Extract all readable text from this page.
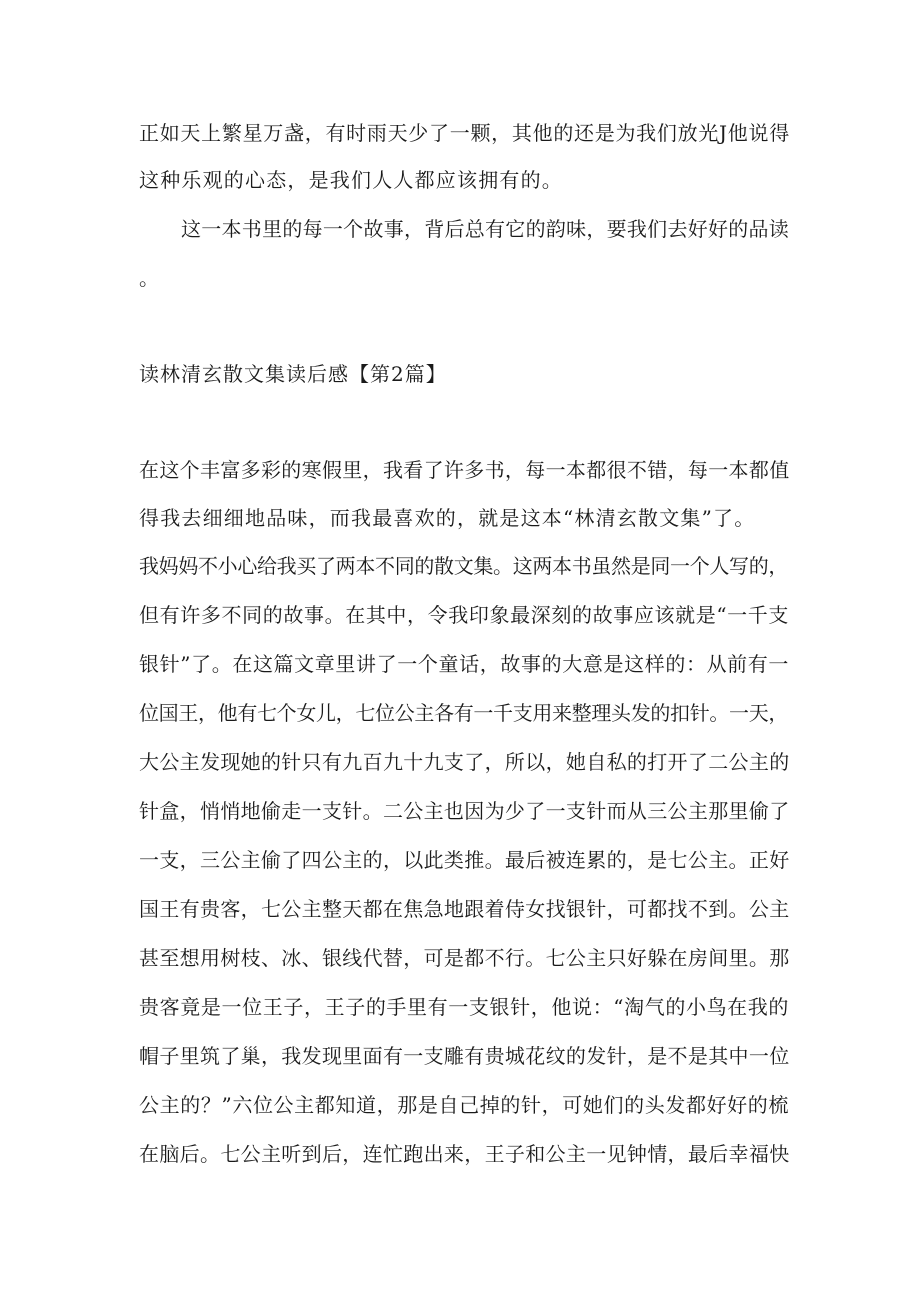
正如天上繁星万盏，有时雨天少了一颗，其他的还是为我们放光J他说得
这种乐观的心态，是我们人人都应该拥有的。
这一本书里的每一个故事，背后总有它的韵味，要我们去好好的品读
。
读林清玄散文集读后感【第2篇】
在这个丰富多彩的寒假里，我看了许多书，每一本都很不错，每一本都值
得我去细细地品味，而我最喜欢的，就是这本“林清玄散文集”了。
我妈妈不小心给我买了两本不同的散文集。这两本书虽然是同一个人写的，
但有许多不同的故事。在其中，令我印象最深刻的故事应该就是“一千支
银针”了。在这篇文章里讲了一个童话，故事的大意是这样的：从前有一
位国王，他有七个女儿，七位公主各有一千支用来整理头发的扣针。一天，
大公主发现她的针只有九百九十九支了，所以，她自私的打开了二公主的
针盒，悄悄地偷走一支针。二公主也因为少了一支针而从三公主那里偷了
一支，三公主偷了四公主的，以此类推。最后被连累的，是七公主。正好
国王有贵客，七公主整天都在焦急地跟着侍女找银针，可都找不到。公主
甚至想用树枝、冰、银线代替，可是都不行。七公主只好躲在房间里。那
贵客竟是一位王子，王子的手里有一支银针，他说：“淘气的小鸟在我的
帽子里筑了巢，我发现里面有一支雕有贵城花纹的发针，是不是其中一位
公主的？”六位公主都知道，那是自己掉的针，可她们的头发都好好的梳
在脑后。七公主听到后，连忙跑出来，王子和公主一见钟情，最后幸福快
